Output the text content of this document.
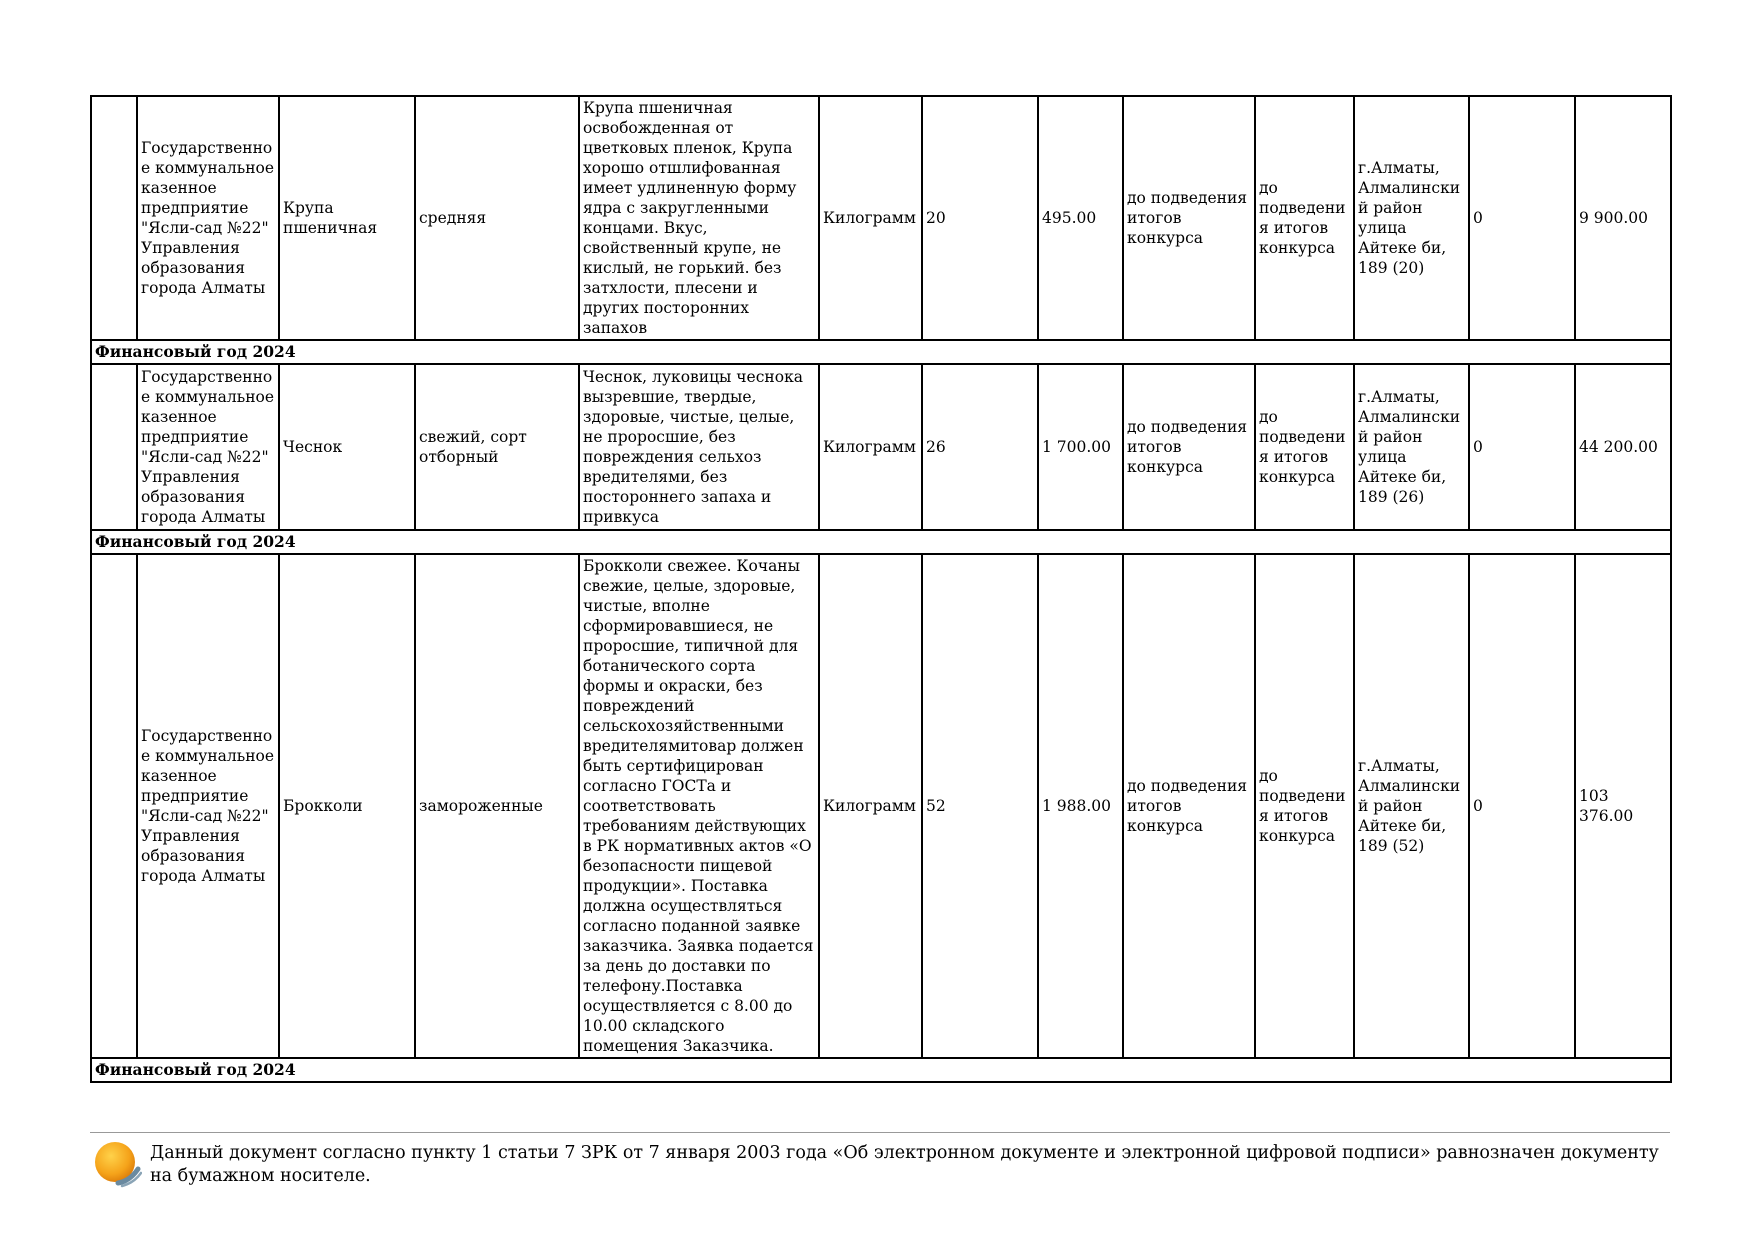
	Государственное коммунальное казенное предприятие "Ясли-сад №22" Управления образования города Алматы	Крупа пшеничная	средняя	Крупа пшеничная освобожденная от цветковых пленок, Крупа хорошо отшлифованная имеет удлиненную форму ядра с закругленными концами. Вкус, свойственный крупе, не кислый, не горький. без затхлости, плесени и других посторонних запахов	Килограмм	20	495.00	до подведения итогов конкурса	до подведения итогов конкурса	г.Алматы, Алмалинский район улица Айтеке би, 189 (20)	0	9 900.00
Финансовый год 2024												
	Государственное коммунальное казенное предприятие "Ясли-сад №22" Управления образования города Алматы	Чеснок	свежий, сорт отборный	Чеснок, луковицы чеснока вызревшие, твердые, здоровые, чистые, целые, не проросшие, без повреждения сельхоз вредителями, без постороннего запаха и привкуса	Килограмм	26	1 700.00	до подведения итогов конкурса	до подведения итогов конкурса	г.Алматы, Алмалинский район улица Айтеке би, 189 (26)	0	44 200.00
Финансовый год 2024												
	Государственное коммунальное казенное предприятие "Ясли-сад №22" Управления образования города Алматы	Брокколи	замороженные	Брокколи свежее. Кочаны свежие, целые, здоровые, чистые, вполне сформировавшиеся, не проросшие, типичной для ботанического сорта формы и окраски, без повреждений сельскохозяйственными вредителямитовар должен быть сертифицирован согласно ГОСТа и соответствовать требованиям действующих в РК нормативных актов «О безопасности пищевой продукции». Поставка должна осуществляться согласно поданной заявке заказчика. Заявка подается за день до доставки по телефону.Поставка осуществляется с 8.00 до 10.00 складского помещения Заказчика.	Килограмм	52	1 988.00	до подведения итогов конкурса	до подведения итогов конкурса	г.Алматы, Алмалинский район Айтеке би, 189 (52)	0	103 376.00
Финансовый год 2024												
Данный документ согласно пункту 1 статьи 7 ЗРК от 7 января 2003 года «Об электронном документе и электронной цифровой подписи» равнозначен документу на бумажном носителе.
